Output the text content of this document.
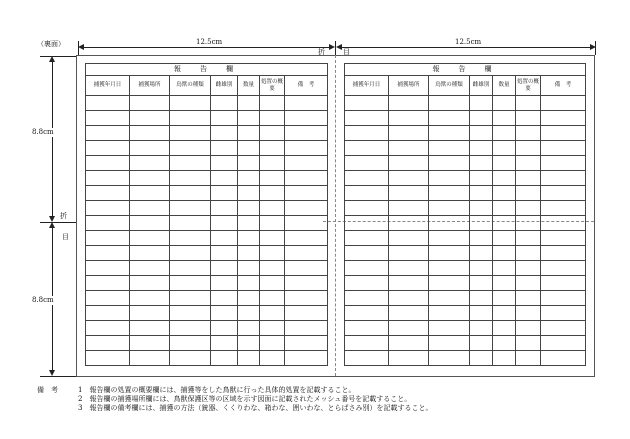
（裏面）	12.5cm	12.5cm
折	目
8.8cm
8.8cm
折
目
報　告　欄						
捕獲年月日	捕獲場所	鳥獣の種類	雌雄別	数量	処置の概　要	備　考

報　告　欄						
捕獲年月日	捕獲場所	鳥獣の種類	雌雄別	数量	処置の概　要	備　考

備　考	1　報告欄の処置の概要欄には、捕獲等をした鳥獣に行った具体的処置を記載すること。
2　報告欄の捕獲場所欄には、鳥獣保護区等の区域を示す図面に記載されたメッシュ番号を記載すること。
3　報告欄の備考欄には、捕獲の方法（銃器、くくりわな、箱わな、囲いわな、とらばさみ別）を記載すること。
